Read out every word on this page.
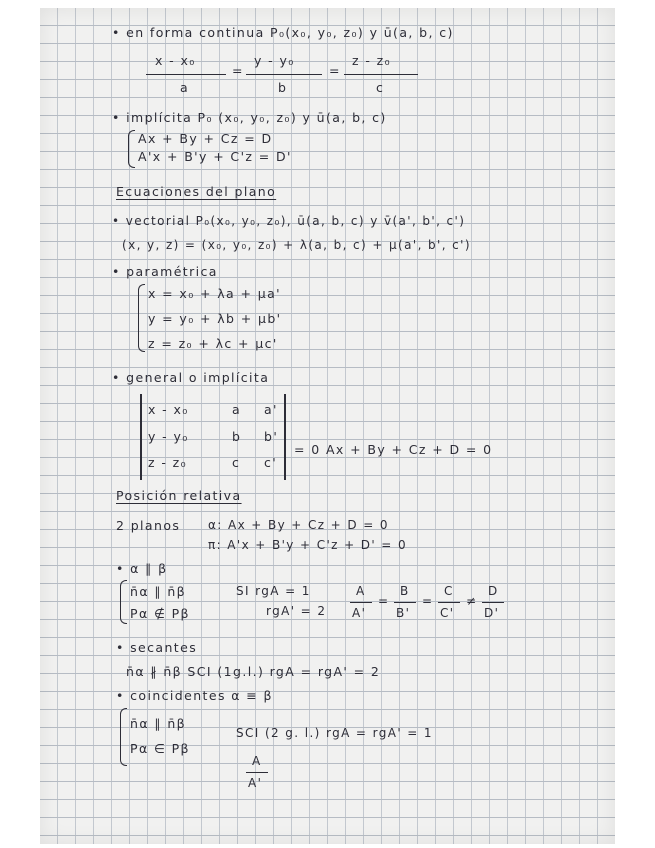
• en forma continua P₀(x₀, y₀, z₀) y ū(a, b, c)
x - x₀
a
=
y - y₀
b
=
z - z₀
c
• implícita P₀ (x₀, y₀, z₀) y ū(a, b, c)
Ax + By + Cz = D
A'x + B'y + C'z = D'
Ecuaciones del plano
• vectorial P₀(x₀, y₀, z₀), ū(a, b, c) y v̄(a', b', c')
(x, y, z) = (x₀, y₀, z₀) + λ(a, b, c) + μ(a', b', c')
• paramétrica
x = x₀ + λa + μa'
y = y₀ + λb + μb'
z = z₀ + λc + μc'
• general o implícita
x - x₀	a a'
y - y₀	b b'
z - z₀	c c'
= 0 Ax + By + Cz + D = 0
Posición relativa
2 planos α: Ax + By + Cz + D = 0
π: A'x + B'y + C'z + D' = 0
• α ∥ β
n̄α ∥ n̄β
Pα ∉ Pβ
SI rgA = 1
rgA' = 2
A
A'
=
B
B'
=
C
C'
≠
D
D'
• secantes
n̄α ∦ n̄β SCI (1g.l.) rgA = rgA' = 2
• coincidentes α ≡ β
n̄α ∥ n̄β
Pα ∈ Pβ
SCI (2 g. l.) rgA = rgA' = 1
A
A'
